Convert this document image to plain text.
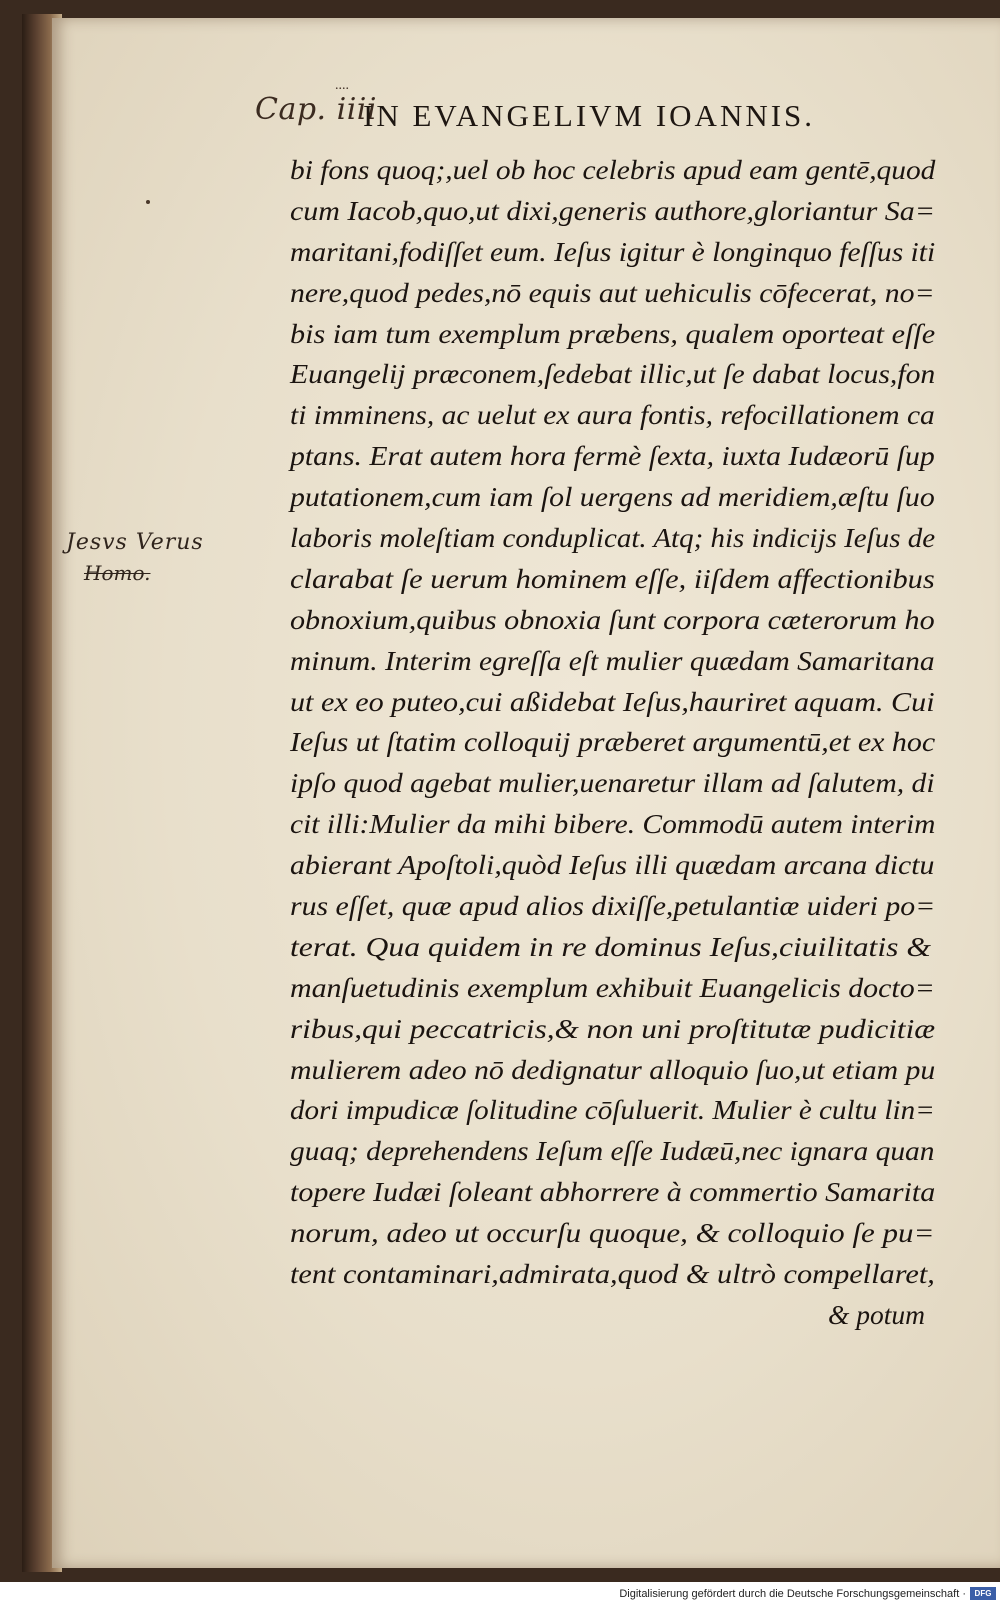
Cap. iiii
....
IN EVANGELIVM IOANNIS.
Jesvs Verus
Homo.
bi fons quoq;,uel ob hoc celebris apud eam gentē,quod
cum Iacob,quo,ut dixi,generis authore,gloriantur Sa=
maritani,fodiſſet eum. Ieſus igitur è longinquo feſſus iti
nere,quod pedes,nō equis aut uehiculis cōfecerat, no=
bis iam tum exemplum præbens, qualem oporteat eſſe
Euangelij præconem,ſedebat illic,ut ſe dabat locus,fon
ti imminens, ac uelut ex aura fontis, refocillationem ca
ptans. Erat autem hora fermè ſexta, iuxta Iudæorū ſup
putationem,cum iam ſol uergens ad meridiem,æſtu ſuo
laboris moleſtiam conduplicat. Atq; his indicijs Ieſus de
clarabat ſe uerum hominem eſſe, iiſdem affectionibus
obnoxium,quibus obnoxia ſunt corpora cæterorum ho
minum. Interim egreſſa eſt mulier quædam Samaritana
ut ex eo puteo,cui aßidebat Ieſus,hauriret aquam. Cui
Ieſus ut ſtatim colloquij præberet argumentū,et ex hoc
ipſo quod agebat mulier,uenaretur illam ad ſalutem, di
cit illi:Mulier da mihi bibere. Commodū autem interim
abierant Apoſtoli,quòd Ieſus illi quædam arcana dictu
rus eſſet, quæ apud alios dixiſſe,petulantiæ uideri po=
terat. Qua quidem in re dominus Ieſus,ciuilitatis &
manſuetudinis exemplum exhibuit Euangelicis docto=
ribus,qui peccatricis,& non uni proſtitutæ pudicitiæ
mulierem adeo nō dedignatur alloquio ſuo,ut etiam pu
dori impudicæ ſolitudine cōſuluerit. Mulier è cultu lin=
guaq; deprehendens Ieſum eſſe Iudæū,nec ignara quan
topere Iudæi ſoleant abhorrere à commertio Samarita
norum, adeo ut occurſu quoque, & colloquio ſe pu=
tent contaminari,admirata,quod & ultrò compellaret,
& potum
Digitalisierung gefördert durch die Deutsche Forschungsgemeinschaft ·	DFG
